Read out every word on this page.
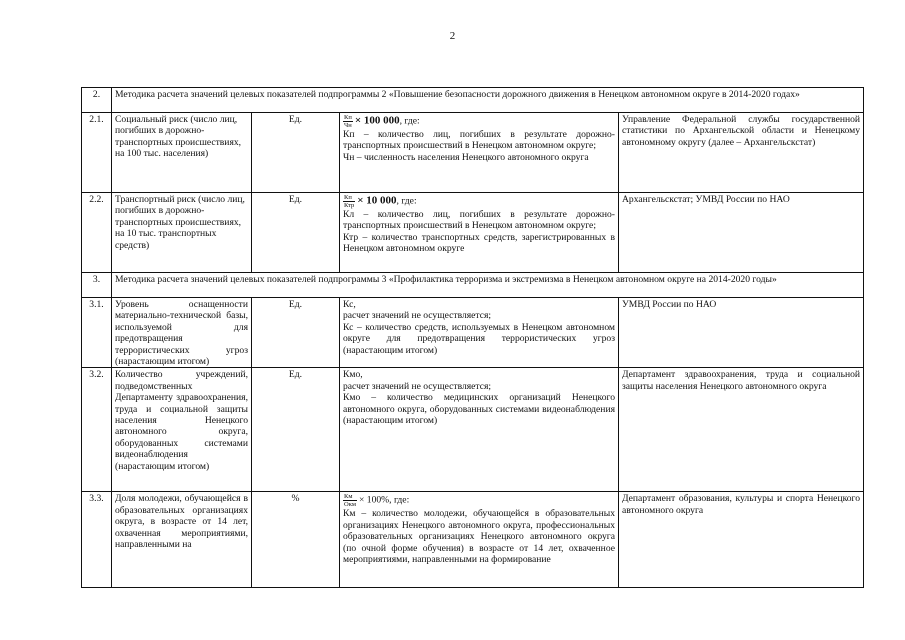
2
2.	Методика расчета значений целевых показателей подпрограммы 2 «Повышение безопасности дорожного движения в Ненецком автономном округе в 2014-2020 годах»			
2.1.	Социальный риск (число лиц, погибших в дорожно-транспортных происшествиях, на 100 тыс. населения)	Ед.	$\frac{Кп}{Чн} \times 100$ 000, где:
Кп – количество лиц, погибших в результате дорожно-транспортных происшествий в Ненецком автономном округе;
Чн – численность населения Ненецкого автономного округа	Управление Федеральной службы государственной статистики по Архангельской области и Ненецкому автономному округу (далее – Архангельскстат)
2.2.	Транспортный риск (число лиц, погибших в дорожно-транспортных происшествиях, на 10 тыс. транспортных средств)	Ед.	$\frac{Кп}{\text{Ктр}} \times 10$ 000, где:
Кл – количество лиц, погибших в результате дорожно-транспортных происшествий в Ненецком автономном округе;
Ктр – количество транспортных средств, зарегистрированных в Ненецком автономном округе	Архангельскстат; УМВД России по НАО
3.	Методика расчета значений целевых показателей подпрограммы 3 «Профилактика терроризма и экстремизма в Ненецком автономном округе на 2014-2020 годы»			
3.1.	Уровень оснащенности материально-технической базы, используемой для предотвращения террористических угроз (нарастающим итогом)	Ед.	Кс,
расчет значений не осуществляется;
Кс – количество средств, используемых в Ненецком автономном округе для предотвращения террористических угроз (нарастающим итогом)	УМВД России по НАО
3.2.	Количество учреждений, подведомственных Департаменту здравоохранения, труда и социальной защиты населения Ненецкого автономного округа, оборудованных системами видеонаблюдения (нарастающим итогом)	Ед.	Кмо,
расчет значений не осуществляется;
Кмо – количество медицинских организаций Ненецкого автономного округа, оборудованных системами видеонаблюдения (нарастающим итогом)	Департамент здравоохранения, труда и социальной защиты населения Ненецкого автономного округа
3.3.	Доля молодежи, обучающейся в образовательных организациях округа, в возрасте от 14 лет, охваченная мероприятиями, направленными на	%	$\frac{Км}{\text{Окм}} \times 100\%$, где:
Км – количество молодежи, обучающейся в образовательных организациях Ненецкого автономного округа, профессиональных образовательных организациях Ненецкого автономного округа (по очной форме обучения) в возрасте от 14 лет, охваченное мероприятиями, направленными на формирование	Департамент образования, культуры и спорта Ненецкого автономного округа
